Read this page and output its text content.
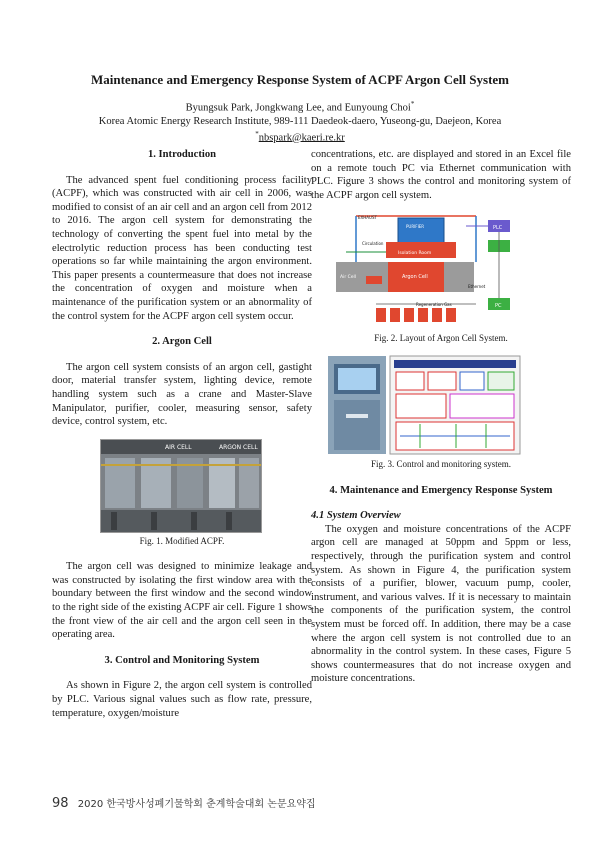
Maintenance and Emergency Response System of ACPF Argon Cell System
Byungsuk Park, Jongkwang Lee, and Eunyoung Choi*
Korea Atomic Energy Research Institute, 989-111 Daedeok-daero, Yuseong-gu, Daejeon, Korea
*nbspark@kaeri.re.kr
1. Introduction

The advanced spent fuel conditioning process facility (ACPF), which was constructed with air cell in 2006, was modified to consist of an air cell and an argon cell from 2012 to 2016. The argon cell system for demonstrating the technology of converting the spent fuel into metal by the electrolytic reduction process has been conducting test operations so far while maintaining the argon environment. This paper presents a countermeasure that does not increase the concentration of oxygen and moisture when a maintenance of the purification system or an abnormality of the control system for the ACPF argon cell system occur.

2. Argon Cell

The argon cell system consists of an argon cell, gastight door, material transfer system, lighting device, remote handling system such as a crane and Master-Slave Manipulator, purifier, cooler, measuring sensor, safety device, control system, etc.

AIR CELL	ARGON CELL

Fig. 1. Modified ACPF.

The argon cell was designed to minimize leakage and was constructed by isolating the first window area with the boundary between the first window and the second window to the right side of the existing ACPF air cell. Figure 1 shows the front view of the air cell and the argon cell seen in the operating area.

3. Control and Monitoring System

As shown in Figure 2, the argon cell system is controlled by PLC. Various signal values such as flow rate, pressure, temperature, oxygen/moisture

concentrations, etc. are displayed and stored in an Excel file on a remote touch PC via Ethernet communication with PLC. Figure 3 shows the control and monitoring system of the ACPF argon cell system.

EXHAUST
PURIFIER	PLC
Circulation
Isolation Room
Air Cell	Argon Cell
Ethernet
PC
Regeneration Gas

Fig. 2. Layout of Argon Cell System.

Fig. 3. Control and monitoring system.

4. Maintenance and Emergency Response System
4.1 System Overview

The oxygen and moisture concentrations of the ACPF argon cell are managed at 50ppm and 5ppm or less, respectively, through the purification system and control system. As shown in Figure 4, the purification system consists of a purifier, blower, vacuum pump, cooler, instrument, and various valves. If it is necessary to maintain the components of the purification system, the control system must be forced off. In addition, there may be a case where the argon cell system is not controlled due to an abnormality in the control system. In these cases, Figure 5 shows countermeasures that do not increase oxygen and moisture concentrations.

98 2020 한국방사성폐기물학회 춘계학술대회 논문요약집
